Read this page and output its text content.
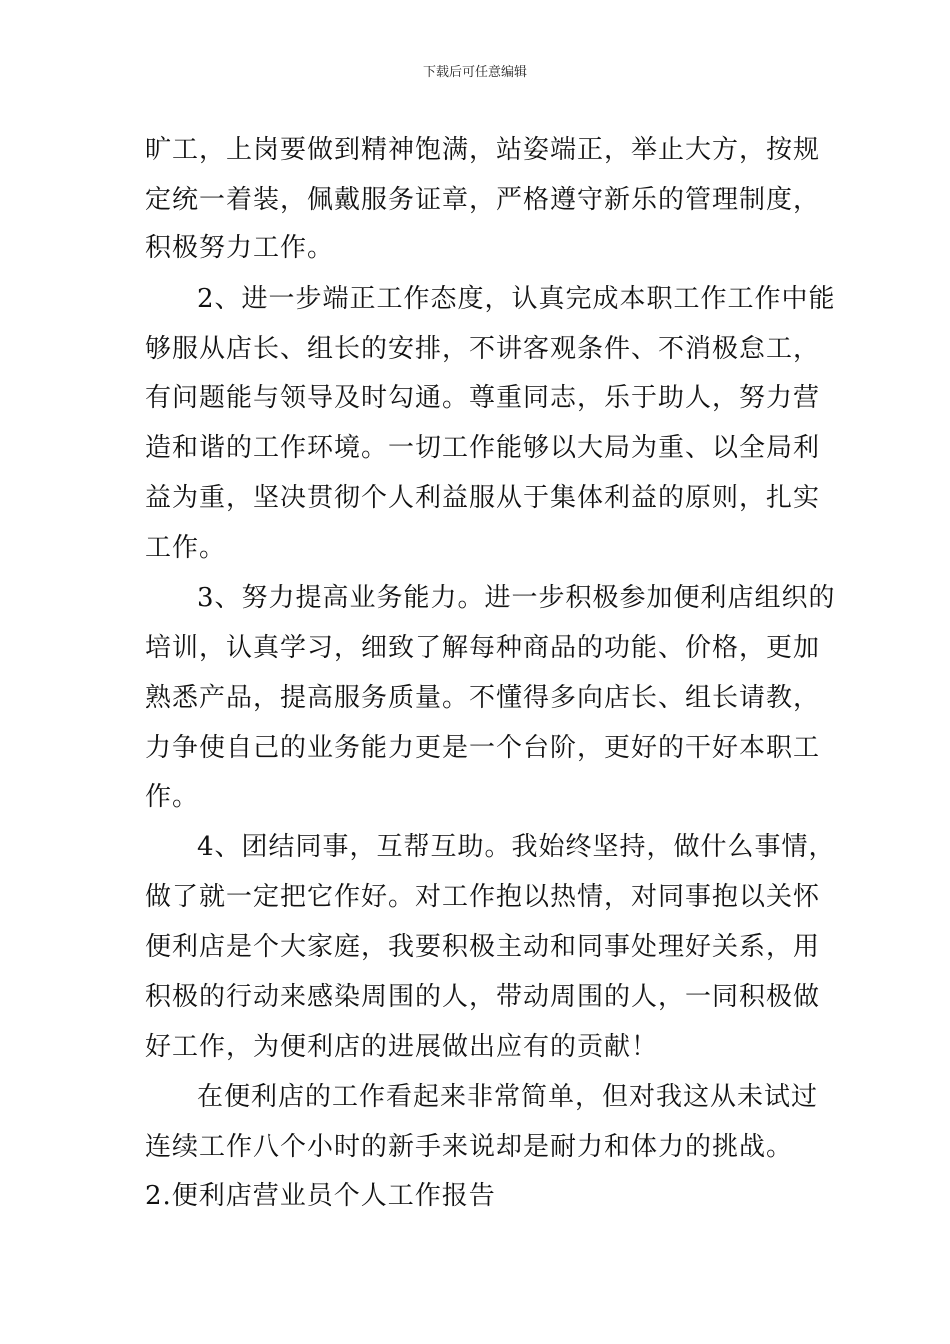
下载后可任意编辑
旷工，上岗要做到精神饱满，站姿端正，举止大方，按规
定统一着装，佩戴服务证章，严格遵守新乐的管理制度，
积极努力工作。
2、进一步端正工作态度，认真完成本职工作工作中能
够服从店长、组长的安排，不讲客观条件、不消极怠工，
有问题能与领导及时勾通。尊重同志，乐于助人，努力营
造和谐的工作环境。一切工作能够以大局为重、以全局利
益为重，坚决贯彻个人利益服从于集体利益的原则，扎实
工作。
3、努力提高业务能力。进一步积极参加便利店组织的
培训，认真学习，细致了解每种商品的功能、价格，更加
熟悉产品，提高服务质量。不懂得多向店长、组长请教，
力争使自己的业务能力更是一个台阶，更好的干好本职工
作。
4、团结同事，互帮互助。我始终坚持，做什么事情，
做了就一定把它作好。对工作抱以热情，对同事抱以关怀
便利店是个大家庭，我要积极主动和同事处理好关系，用
积极的行动来感染周围的人，带动周围的人，一同积极做
好工作，为便利店的进展做出应有的贡献！
在便利店的工作看起来非常简单，但对我这从未试过
连续工作八个小时的新手来说却是耐力和体力的挑战。
2.便利店营业员个人工作报告
